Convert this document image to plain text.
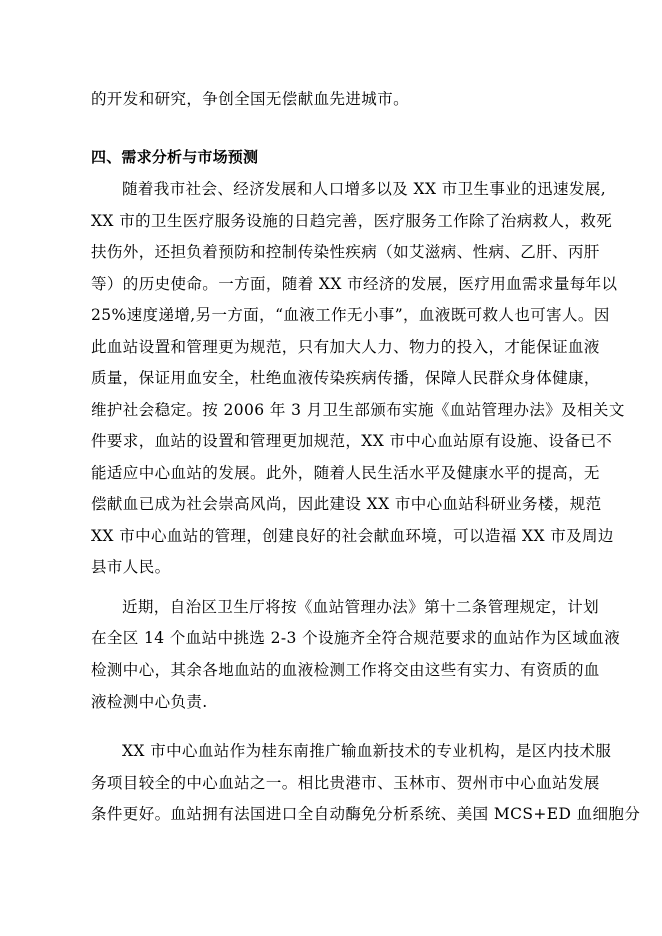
的开发和研究，争创全国无偿献血先进城市。
四、需求分析与市场预测
随着我市社会、经济发展和人口增多以及 XX 市卫生事业的迅速发展,
XX 市的卫生医疗服务设施的日趋完善，医疗服务工作除了治病救人，救死
扶伤外，还担负着预防和控制传染性疾病（如艾滋病、性病、乙肝、丙肝
等）的历史使命。一方面，随着 XX 市经济的发展，医疗用血需求量每年以
25%速度递增,另一方面，“血液工作无小事”，血液既可救人也可害人。因
此血站设置和管理更为规范，只有加大人力、物力的投入，才能保证血液
质量，保证用血安全，杜绝血液传染疾病传播，保障人民群众身体健康，
维护社会稳定。按 2006 年 3 月卫生部颁布实施《血站管理办法》及相关文
件要求，血站的设置和管理更加规范，XX 市中心血站原有设施、设备已不
能适应中心血站的发展。此外，随着人民生活水平及健康水平的提高，无
偿献血已成为社会崇高风尚，因此建设 XX 市中心血站科研业务楼，规范
XX 市中心血站的管理，创建良好的社会献血环境，可以造福 XX 市及周边
县市人民。
近期，自治区卫生厅将按《血站管理办法》第十二条管理规定，计划
在全区 14 个血站中挑选 2-3 个设施齐全符合规范要求的血站作为区域血液
检测中心，其余各地血站的血液检测工作将交由这些有实力、有资质的血
液检测中心负责.
XX 市中心血站作为桂东南推广输血新技术的专业机构，是区内技术服
务项目较全的中心血站之一。相比贵港市、玉林市、贺州市中心血站发展
条件更好。血站拥有法国进口全自动酶免分析系统、美国 MCS+ED 血细胞分
